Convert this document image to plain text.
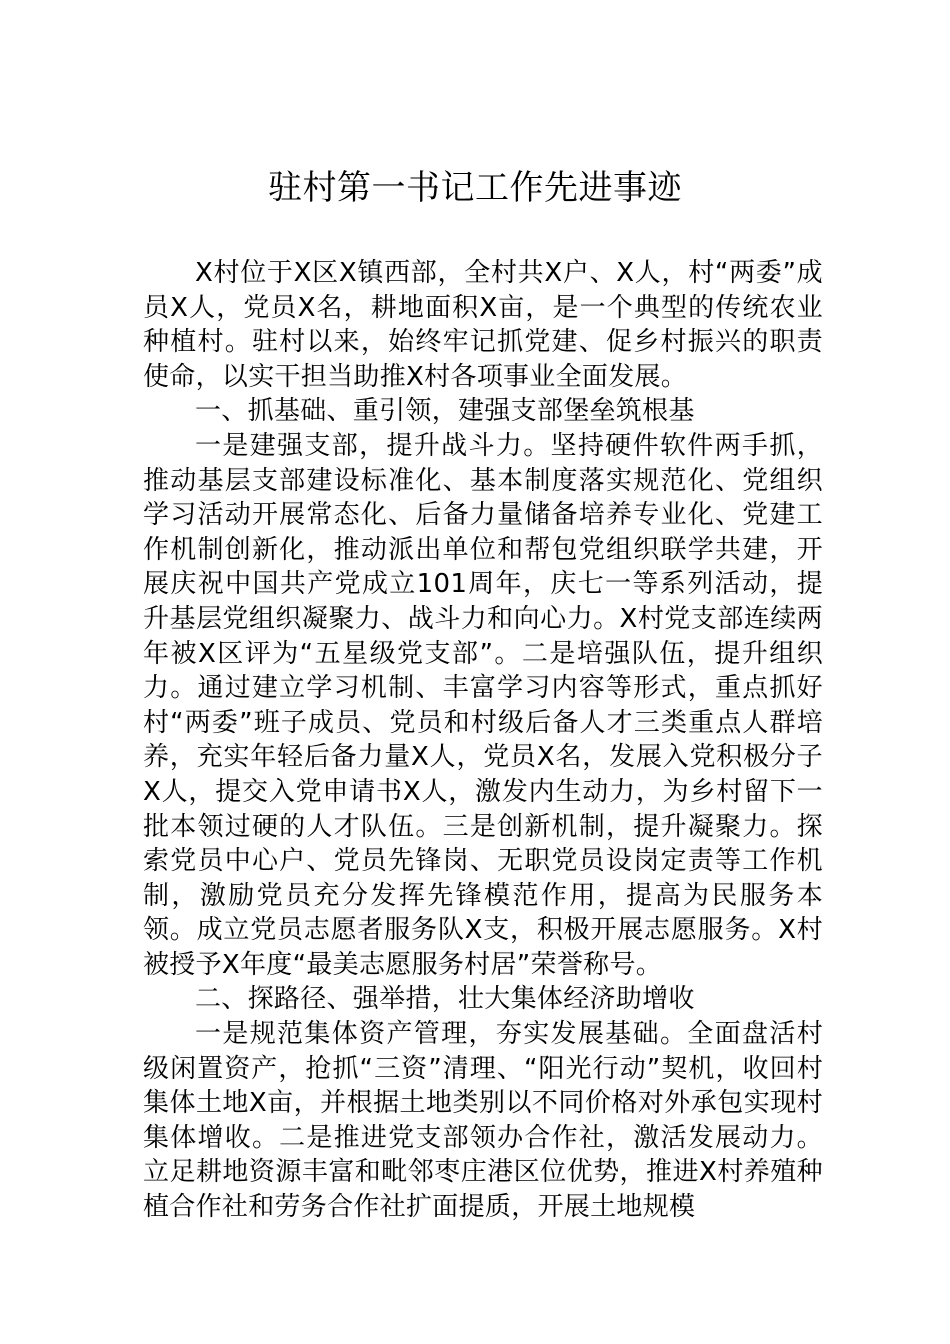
驻村第一书记工作先进事迹

X村位于X区X镇西部，全村共X户、X人，村“两委”成员X人，党员X名，耕地面积X亩，是一个典型的传统农业种植村。驻村以来，始终牢记抓党建、促乡村振兴的职责使命，以实干担当助推X村各项事业全面发展。

一、抓基础、重引领，建强支部堡垒筑根基

一是建强支部，提升战斗力。坚持硬件软件两手抓，推动基层支部建设标准化、基本制度落实规范化、党组织学习活动开展常态化、后备力量储备培养专业化、党建工作机制创新化，推动派出单位和帮包党组织联学共建，开展庆祝中国共产党成立101周年，庆七一等系列活动，提升基层党组织凝聚力、战斗力和向心力。X村党支部连续两年被X区评为“五星级党支部”。二是培强队伍，提升组织力。通过建立学习机制、丰富学习内容等形式，重点抓好村“两委”班子成员、党员和村级后备人才三类重点人群培养，充实年轻后备力量X人，党员X名，发展入党积极分子X人，提交入党申请书X人，激发内生动力，为乡村留下一批本领过硬的人才队伍。三是创新机制，提升凝聚力。探索党员中心户、党员先锋岗、无职党员设岗定责等工作机制，激励党员充分发挥先锋模范作用，提高为民服务本领。成立党员志愿者服务队X支，积极开展志愿服务。X村被授予X年度“最美志愿服务村居”荣誉称号。

二、探路径、强举措，壮大集体经济助增收

一是规范集体资产管理，夯实发展基础。全面盘活村级闲置资产，抢抓“三资”清理、“阳光行动”契机，收回村集体土地X亩，并根据土地类别以不同价格对外承包实现村集体增收。二是推进党支部领办合作社，激活发展动力。立足耕地资源丰富和毗邻枣庄港区位优势，推进X村养殖种植合作社和劳务合作社扩面提质，开展土地规模
